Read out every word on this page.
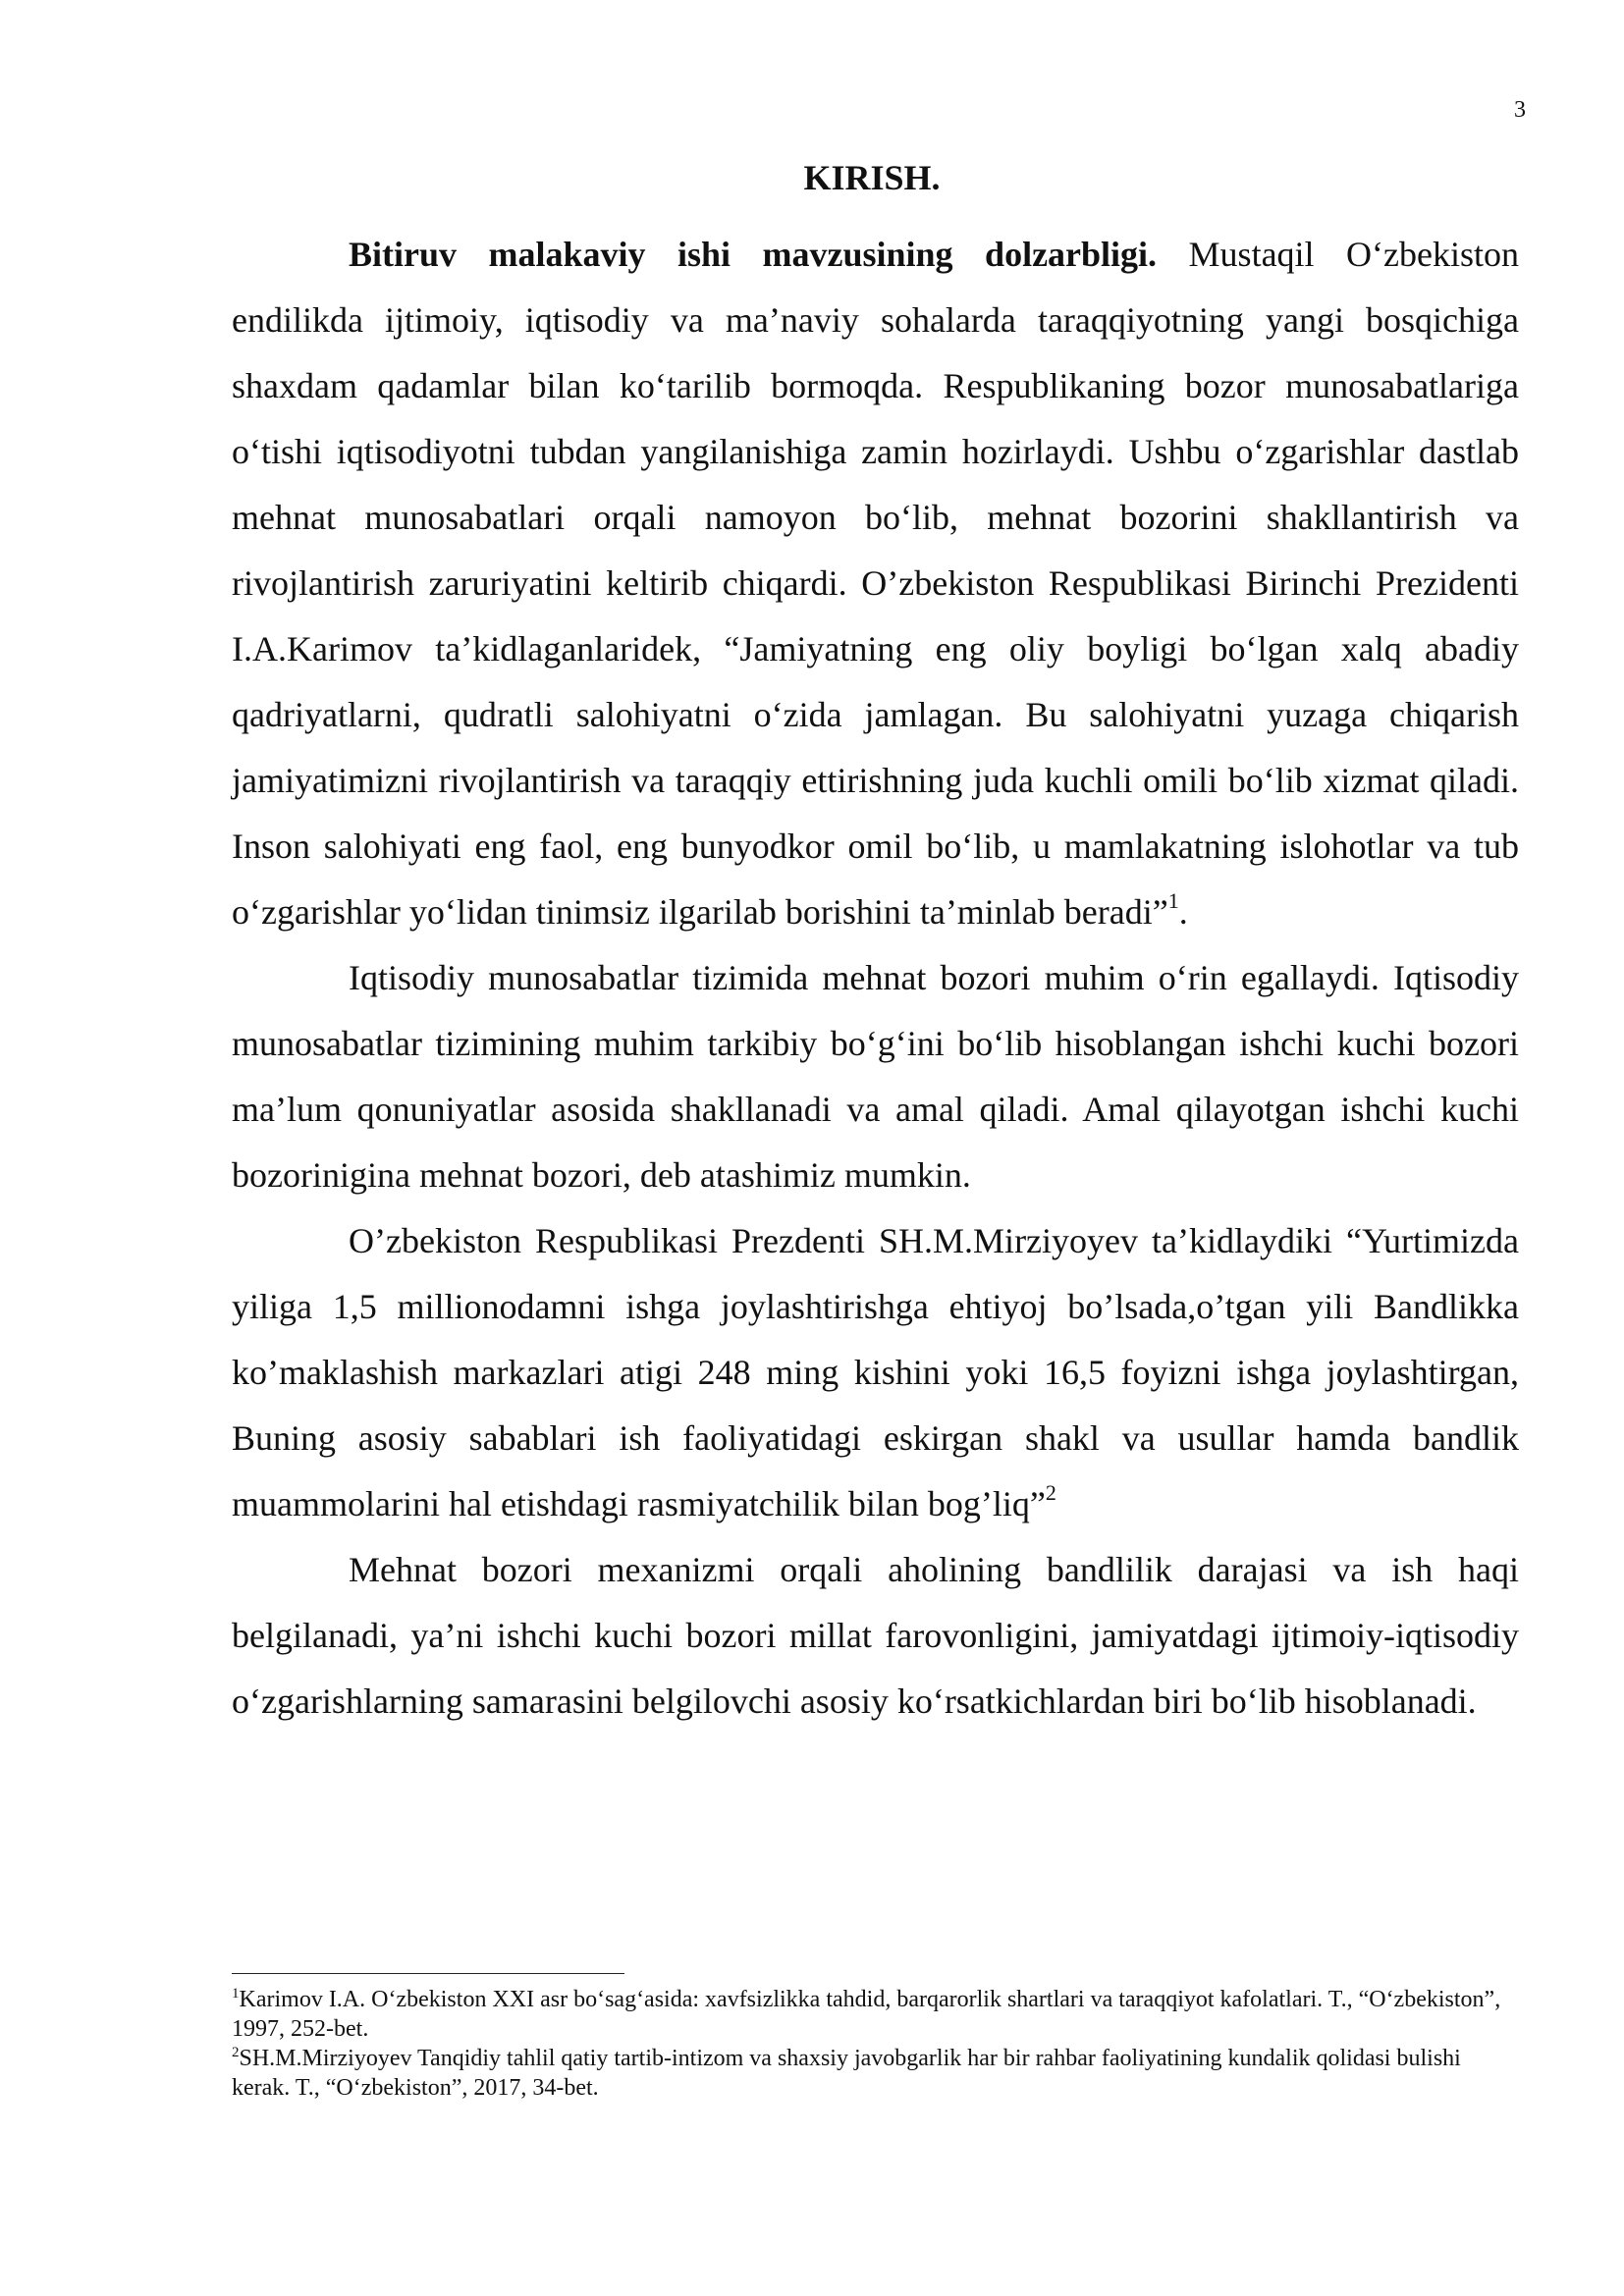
3
KIRISH.

Bitiruv malakaviy ishi mavzusining dolzarbligi. Mustaqil O‘zbekiston endilikda ijtimoiy, iqtisodiy va ma’naviy sohalarda taraqqiyotning yangi bosqichiga shaxdam qadamlar bilan ko‘tarilib bormoqda. Respublikaning bozor munosabatlariga o‘tishi iqtisodiyotni tubdan yangilanishiga zamin hozirlaydi. Ushbu o‘zgarishlar dastlab mehnat munosabatlari orqali namoyon bo‘lib, mehnat bozorini shakllantirish va rivojlantirish zaruriyatini keltirib chiqardi. O’zbekiston Respublikasi Birinchi Prezidenti I.A.Karimov ta’kidlaganlaridek, “Jamiyatning eng oliy boyligi bo‘lgan xalq abadiy qadriyatlarni, qudratli salohiyatni o‘zida jamlagan. Bu salohiyatni yuzaga chiqarish jamiyatimizni rivojlantirish va taraqqiy ettirishning juda kuchli omili bo‘lib xizmat qiladi. Inson salohiyati eng faol, eng bunyodkor omil bo‘lib, u mamlakatning islohotlar va tub o‘zgarishlar yo‘lidan tinimsiz ilgarilab borishini ta’minlab beradi”$^1$.

Iqtisodiy munosabatlar tizimida mehnat bozori muhim o‘rin egallaydi. Iqtisodiy munosabatlar tizimining muhim tarkibiy bo‘g‘ini bo‘lib hisoblangan ishchi kuchi bozori ma’lum qonuniyatlar asosida shakllanadi va amal qiladi. Amal qilayotgan ishchi kuchi bozorinigina mehnat bozori, deb atashimiz mumkin.

O’zbekiston Respublikasi Prezdenti SH.M.Mirziyoyev ta’kidlaydiki “Yurtimizda yiliga 1,5 millionodamni ishga joylashtirishga ehtiyoj bo’lsada,o’tgan yili Bandlikka ko’maklashish markazlari atigi 248 ming kishini yoki 16,5 foyizni ishga joylashtirgan, Buning asosiy sabablari ish faoliyatidagi eskirgan shakl va usullar hamda bandlik muammolarini hal etishdagi rasmiyatchilik bilan bog’liq”$^2$

Mehnat bozori mexanizmi orqali aholining bandlilik darajasi va ish haqi belgilanadi, ya’ni ishchi kuchi bozori millat farovonligini, jamiyatdagi ijtimoiy-iqtisodiy o‘zgarishlarning samarasini belgilovchi asosiy ko‘rsatkichlardan biri bo‘lib hisoblanadi.

$^1$Karimov I.A. O‘zbekiston XXI asr bo‘sag‘asida: xavfsizlikka tahdid, barqarorlik shartlari va taraqqiyot kafolatlari. T., “O‘zbekiston”, 1997, 252-bet.

$^2$SH.M.Mirziyoyev Tanqidiy tahlil qatiy tartib-intizom va shaxsiy javobgarlik har bir rahbar faoliyatining kundalik qolidasi bulishi kerak. T., “O‘zbekiston”, 2017, 34-bet.
